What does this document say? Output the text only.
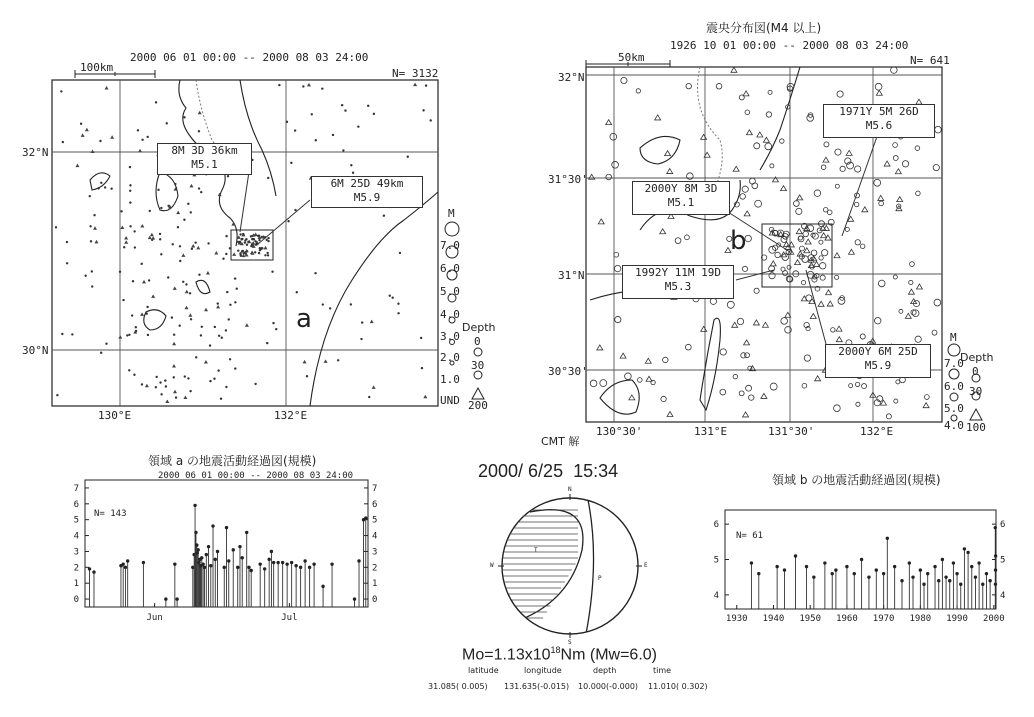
2000 06 01 00:00 -- 2000 08 03 24:00
100km	N= 3132
8M 3D 36km
M5.1
6M 25D 49km
M5.9
32°N
30°N
130°E	132°E
a
M
7.0
6.0
5.0
4.0
3.0
2.0
1.0
UND
Depth
0
30
200
震央分布図(M4 以上)
1926 10 01 00:00 -- 2000 08 03 24:00
50km	N= 641
1971Y 5M 26D
M5.6
2000Y 8M 3D
M5.1
1992Y 11M 19D
M5.3
2000Y 6M 25D
M5.9
32°N
31°30'
31°N
30°30'
130°30'	131°E	131°30'	132°E
b
M
7.0
6.0
5.0
4.0
Depth
0
30
100
CMT 解
2000/ 6/25  15:34
T
P
N
E
S
W
$Mo=1.13x10^{18}Nm$ (Mw=6.0)
latitude	longitude	depth	time
31.085( 0.005) 131.635(-0.015) 10.000(-0.000) 11.010( 0.302)
領域 a の地震活動経過図(規模)
2000 06 01 00:00 -- 2000 08 03 24:00
N= 143
0	0
1	1
2	2
3	3
4	4
5	5
6	6
7	7
Jun	Jul
領域 b の地震活動経過図(規模)
N= 61
4	4
5	5
6	6
1930 1940 1950 1960 1970 1980 1990 2000
